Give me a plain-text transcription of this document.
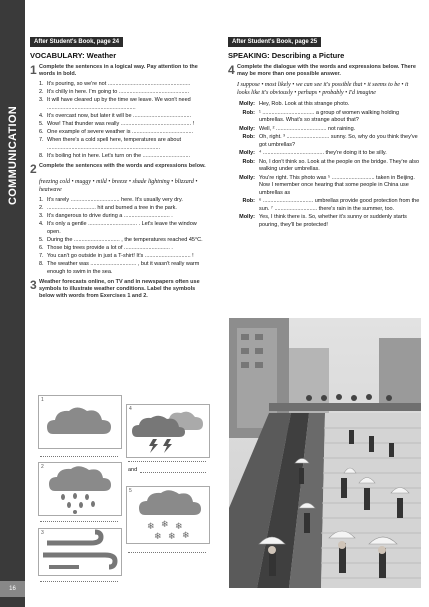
COMMUNICATION
16
After Student's Book, page 24
VOCABULARY: Weather
1 Complete the sentences in a logical way. Pay attention to the words in bold.
1. It's pouring, so we're not ......................................................
2. It's chilly in here. I'm going to ..............................................
3. It will have cleared up by the time we leave. We won't need ..........................................................
4. It's overcast now, but later it will be ......................................
5. Wow! That thunder was really .............................................. !
6. One example of severe weather is ........................................
7. When there's a cold spell here, temperatures are about ..........................................................................
8. It's boiling hot in here. Let's turn on the ...............................
2 Complete the sentences with the words and expressions below.
freezing cold • muggy • mild • breeze • shade lightning • blizzard • heatwave
1. It's rarely ................................ here. It's usually very dry.
2. ................................ hit and burned a tree in the park.
3. It's dangerous to drive during a .............................. .
4. It's only a gentle ................................ . Let's leave the window open.
5. During the .............................. , the temperatures reached 45°C.
6. Those big trees provide a lot of .............................. .
7. You can't go outside in just a T-shirt! It's .............................. !
8. The weather was .............................. , but it wasn't really warm enough to swim in the sea.
3 Weather forecasts online, on TV and in newspapers often use symbols to illustrate weather conditions. Label the symbols below with words from Exercises 1 and 2.
1
4
and
2
5
❄ ❄ ❄
❄ ❄ ❄
3
After Student's Book, page 25
SPEAKING: Describing a Picture
4 Complete the dialogue with the words and expressions below. There may be more than one possible answer.
I suppose • most likely • we can see it's possible that • it seems to be • it looks like it's obviously • perhaps • probably • I'd imagine
Molly: Hey, Rob. Look at this strange photo.
Rob: ¹ .................................. a group of women walking holding umbrellas. What's so strange about that?
Molly: Well, ² ................................. not raining.
Rob: Oh, right. ³ ............................ sunny. So, why do you think they've got umbrellas?
Molly: ⁴ ........................................ they're doing it to be silly.
Rob: No, I don't think so. Look at the people on the bridge. They're also walking under umbrellas.
Molly: You're right. This photo was ⁵ ............................ taken in Beijing. Now I remember once hearing that some people in China use umbrellas as
Rob: ⁶ ................................. umbrellas provide good protection from the sun. ⁷ ............................ there's rain in the summer, too.
Molly: Yes, I think there is. So, whether it's sunny or suddenly starts pouring, they'll be protected!
